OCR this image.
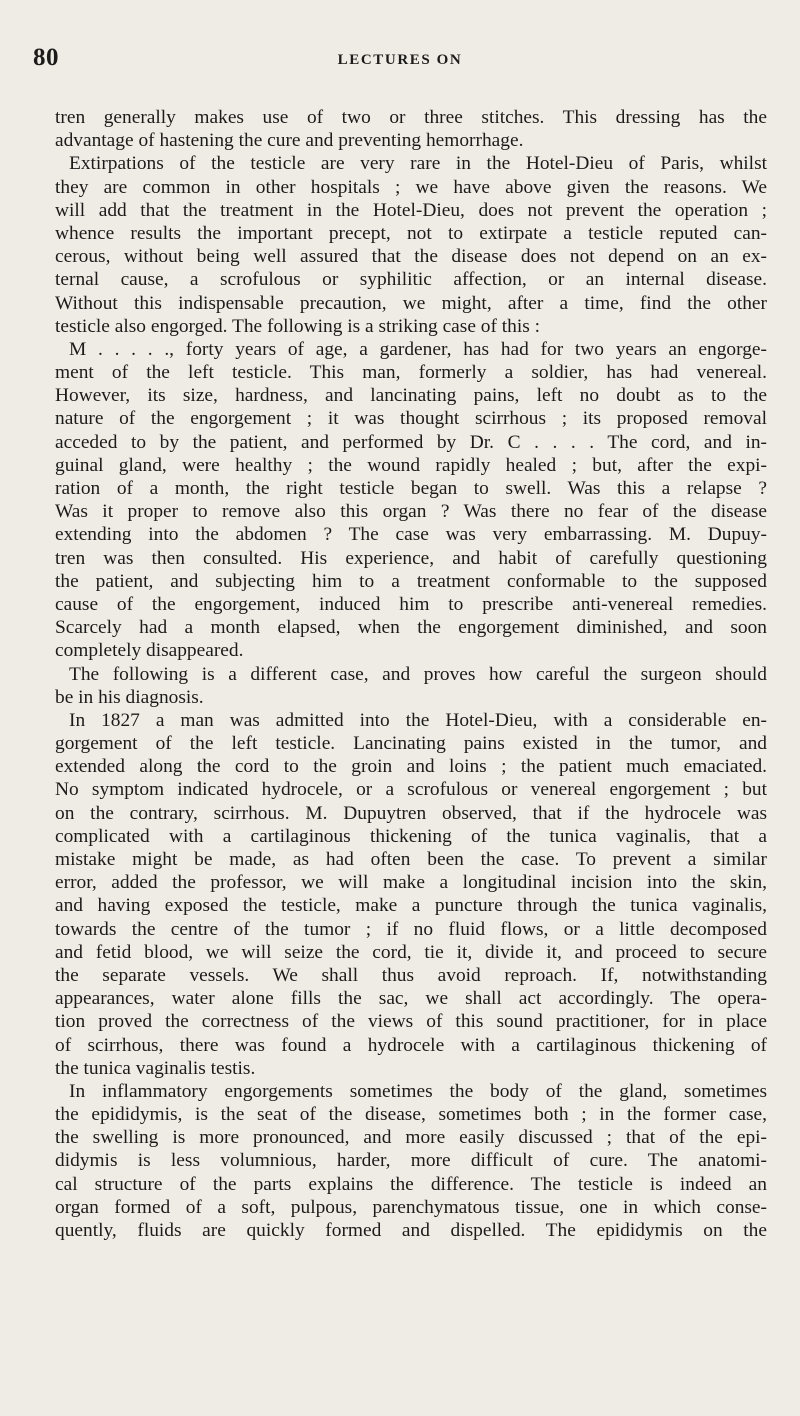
80	LECTURES ON
tren generally makes use of two or three stitches. This dressing has the
advantage of hastening the cure and preventing hemorrhage.
Extirpations of the testicle are very rare in the Hotel-Dieu of Paris, whilst
they are common in other hospitals ; we have above given the reasons. We
will add that the treatment in the Hotel-Dieu, does not prevent the operation ;
whence results the important precept, not to extirpate a testicle reputed can-
cerous, without being well assured that the disease does not depend on an ex-
ternal cause, a scrofulous or syphilitic affection, or an internal disease.
Without this indispensable precaution, we might, after a time, find the other
testicle also engorged. The following is a striking case of this :
M . . . . ., forty years of age, a gardener, has had for two years an engorge-
ment of the left testicle. This man, formerly a soldier, has had venereal.
However, its size, hardness, and lancinating pains, left no doubt as to the
nature of the engorgement ; it was thought scirrhous ; its proposed removal
acceded to by the patient, and performed by Dr. C . . . . The cord, and in-
guinal gland, were healthy ; the wound rapidly healed ; but, after the expi-
ration of a month, the right testicle began to swell. Was this a relapse ?
Was it proper to remove also this organ ? Was there no fear of the disease
extending into the abdomen ? The case was very embarrassing. M. Dupuy-
tren was then consulted. His experience, and habit of carefully questioning
the patient, and subjecting him to a treatment conformable to the supposed
cause of the engorgement, induced him to prescribe anti-venereal remedies.
Scarcely had a month elapsed, when the engorgement diminished, and soon
completely disappeared.
The following is a different case, and proves how careful the surgeon should
be in his diagnosis.
In 1827 a man was admitted into the Hotel-Dieu, with a considerable en-
gorgement of the left testicle. Lancinating pains existed in the tumor, and
extended along the cord to the groin and loins ; the patient much emaciated.
No symptom indicated hydrocele, or a scrofulous or venereal engorgement ; but
on the contrary, scirrhous. M. Dupuytren observed, that if the hydrocele was
complicated with a cartilaginous thickening of the tunica vaginalis, that a
mistake might be made, as had often been the case. To prevent a similar
error, added the professor, we will make a longitudinal incision into the skin,
and having exposed the testicle, make a puncture through the tunica vaginalis,
towards the centre of the tumor ; if no fluid flows, or a little decomposed
and fetid blood, we will seize the cord, tie it, divide it, and proceed to secure
the separate vessels. We shall thus avoid reproach. If, notwithstanding
appearances, water alone fills the sac, we shall act accordingly. The opera-
tion proved the correctness of the views of this sound practitioner, for in place
of scirrhous, there was found a hydrocele with a cartilaginous thickening of
the tunica vaginalis testis.
In inflammatory engorgements sometimes the body of the gland, sometimes
the epididymis, is the seat of the disease, sometimes both ; in the former case,
the swelling is more pronounced, and more easily discussed ; that of the epi-
didymis is less volumnious, harder, more difficult of cure. The anatomi-
cal structure of the parts explains the difference. The testicle is indeed an
organ formed of a soft, pulpous, parenchymatous tissue, one in which conse-
quently, fluids are quickly formed and dispelled. The epididymis on the
